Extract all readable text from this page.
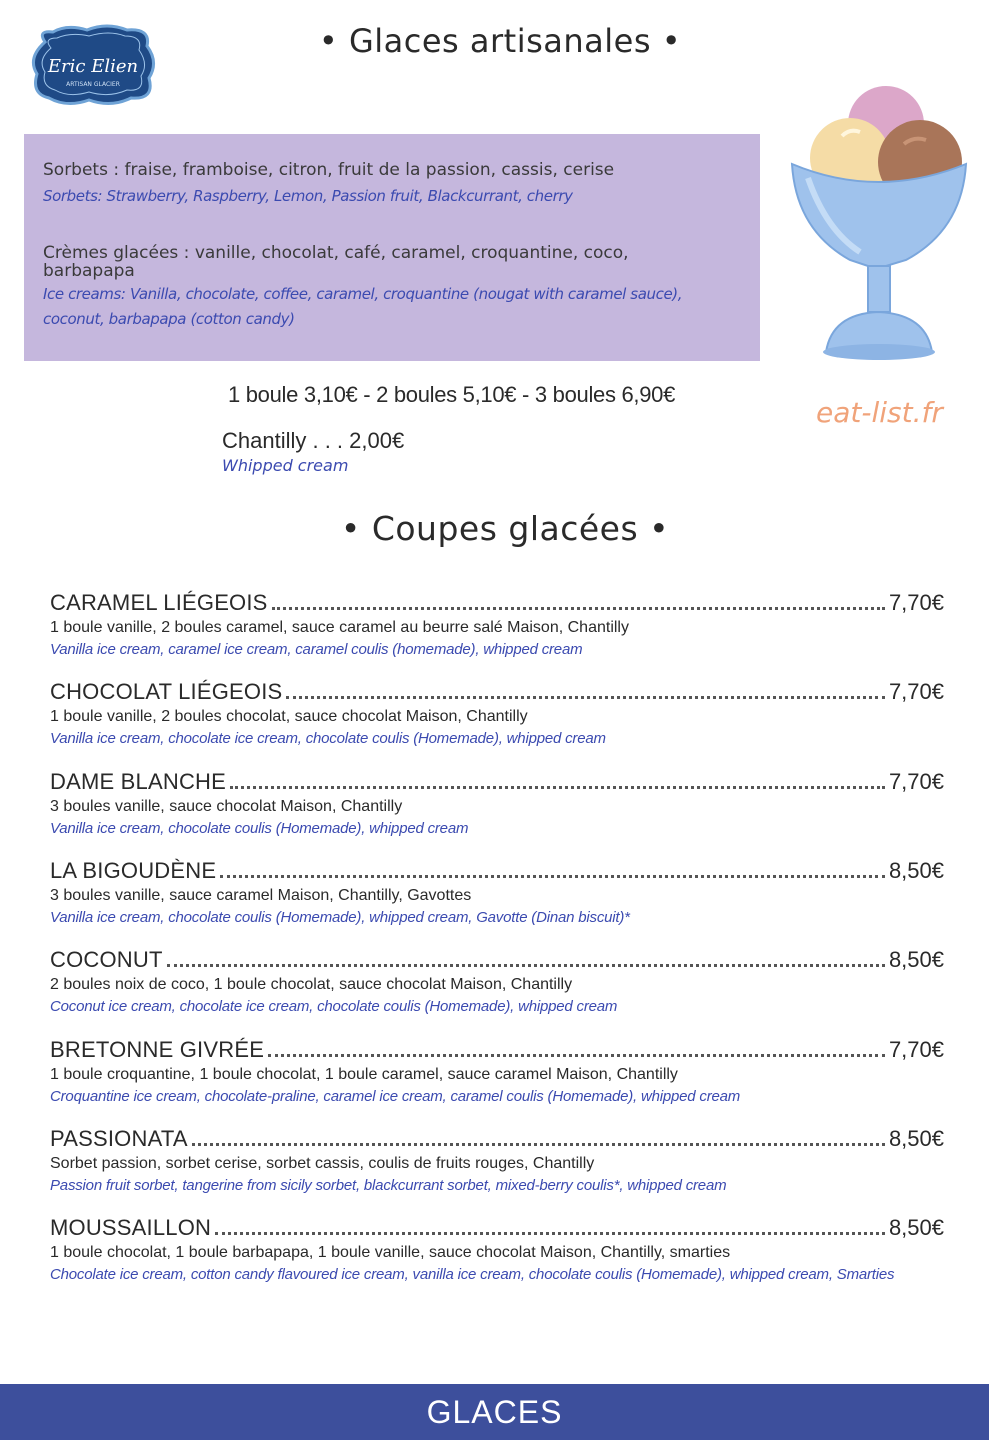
Eric Elien
ARTISAN GLACIER
• Glaces artisanales •
Sorbets : fraise, framboise, citron, fruit de la passion, cassis, cerise
Sorbets: Strawberry, Raspberry, Lemon, Passion fruit, Blackcurrant, cherry
Crèmes glacées : vanille, chocolat, café, caramel, croquantine, coco,
barbapapa
Ice creams: Vanilla, chocolate, coffee, caramel, croquantine (nougat with caramel sauce),
coconut, barbapapa (cotton candy)
1 boule 3,10€ - 2 boules 5,10€ - 3 boules 6,90€
eat-list.fr
Chantilly . . . 2,00€
Whipped cream
• Coupes glacées •
CARAMEL LIÉGEOIS	7,70€
1 boule vanille, 2 boules caramel, sauce caramel au beurre salé Maison, Chantilly
Vanilla ice cream, caramel ice cream, caramel coulis (homemade), whipped cream
CHOCOLAT LIÉGEOIS	7,70€
1 boule vanille, 2 boules chocolat, sauce chocolat Maison, Chantilly
Vanilla ice cream, chocolate ice cream, chocolate coulis (Homemade), whipped cream
DAME BLANCHE	7,70€
3 boules vanille, sauce chocolat Maison, Chantilly
Vanilla ice cream, chocolate coulis (Homemade), whipped cream
LA BIGOUDÈNE	8,50€
3 boules vanille, sauce caramel Maison, Chantilly, Gavottes
Vanilla ice cream, chocolate coulis (Homemade), whipped cream, Gavotte (Dinan biscuit)*
COCONUT	8,50€
2 boules noix de coco, 1 boule chocolat, sauce chocolat Maison, Chantilly
Coconut ice cream, chocolate ice cream, chocolate coulis (Homemade), whipped cream
BRETONNE GIVRÉE	7,70€
1 boule croquantine, 1 boule chocolat, 1 boule caramel, sauce caramel Maison, Chantilly
Croquantine ice cream, chocolate-praline, caramel ice cream, caramel coulis (Homemade), whipped cream
PASSIONATA	8,50€
Sorbet passion, sorbet cerise, sorbet cassis, coulis de fruits rouges, Chantilly
Passion fruit sorbet, tangerine from sicily sorbet, blackcurrant sorbet, mixed-berry coulis*, whipped cream
MOUSSAILLON	8,50€
1 boule chocolat, 1 boule barbapapa, 1 boule vanille, sauce chocolat Maison, Chantilly, smarties
Chocolate ice cream, cotton candy flavoured ice cream, vanilla ice cream, chocolate coulis (Homemade), whipped cream, Smarties
GLACES
